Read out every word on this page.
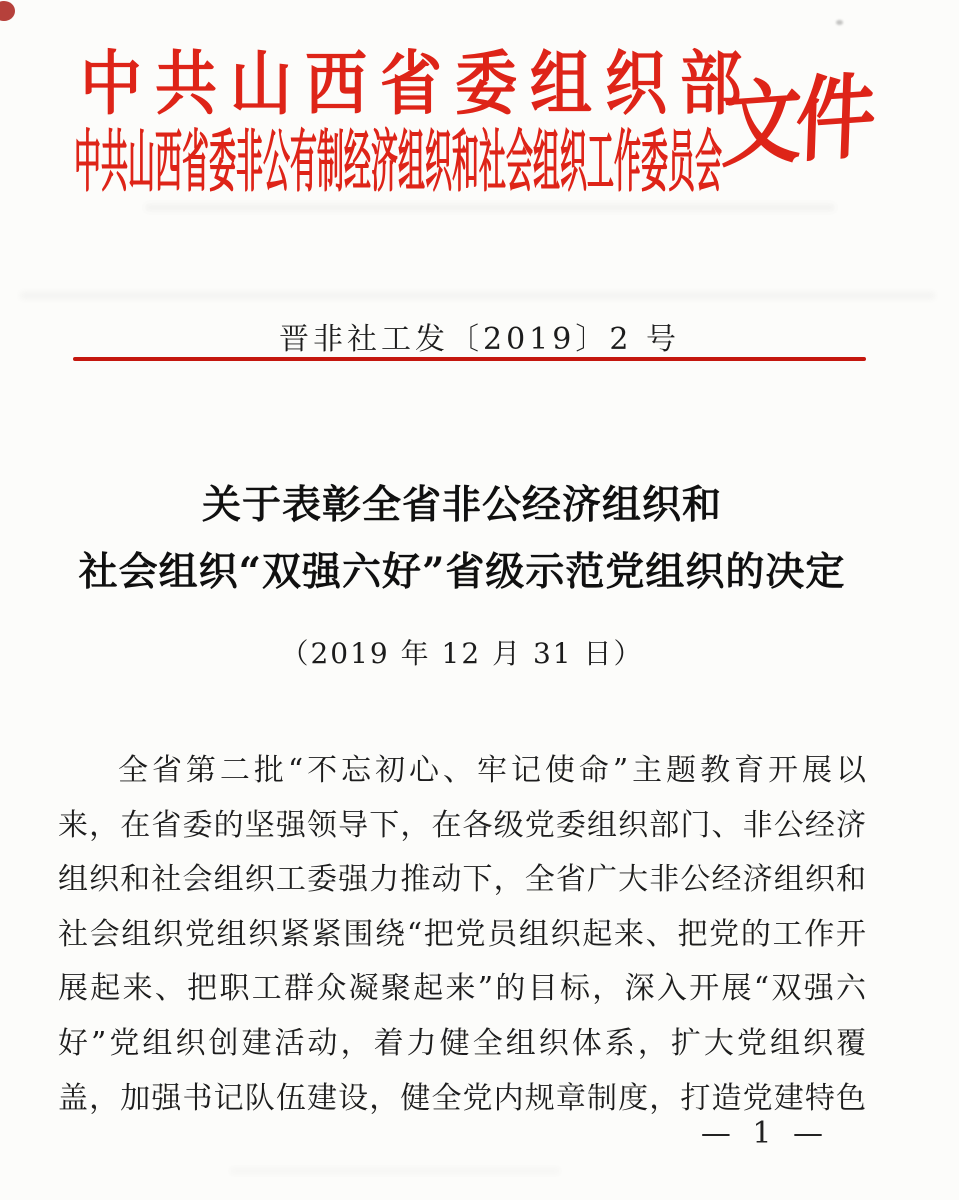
中共山西省委组织部
中共山西省委非公有制经济组织和社会组织工作委员会
文件
晋非社工发〔2019〕2 号
关于表彰全省非公经济组织和
社会组织“双强六好”省级示范党组织的决定
（2019 年 12 月 31 日）
全省第二批“不忘初心、牢记使命”主题教育开展以
来，在省委的坚强领导下，在各级党委组织部门、非公经济
组织和社会组织工委强力推动下，全省广大非公经济组织和
社会组织党组织紧紧围绕“把党员组织起来、把党的工作开
展起来、把职工群众凝聚起来”的目标，深入开展“双强六
好”党组织创建活动，着力健全组织体系，扩大党组织覆
盖，加强书记队伍建设，健全党内规章制度，打造党建特色
— 1 —
